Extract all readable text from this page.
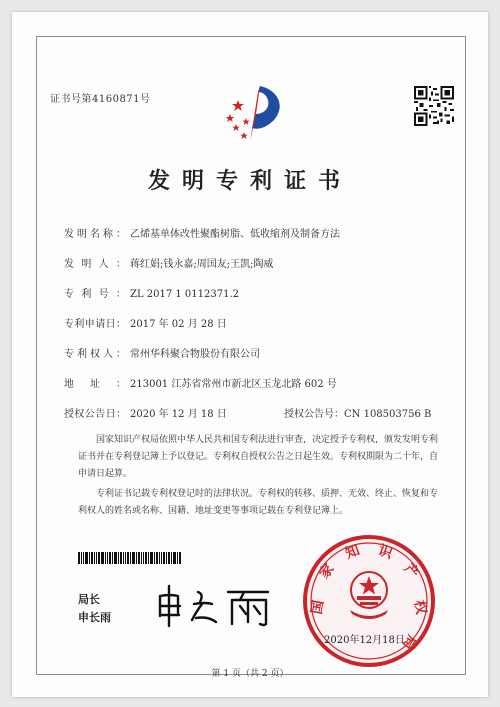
证书号第4160871号
发明专利证书
发明名称： 乙烯基单体改性聚酯树脂、低收缩剂及制备方法
发明人： 蒋红娟;钱永嘉;周国友;王凯;陶威
专利号： ZL 2017 1 0112371.2
专利申请日： 2017 年 02 月 28 日
专利权人： 常州华科聚合物股份有限公司
地址： 213001 江苏省常州市新北区玉龙北路 602 号
授权公告日： 2020 年 12 月 18 日	授权公告号：CN 108503756 B
国家知识产权局依照中华人民共和国专利法进行审查，决定授予专利权，颁发发明专利证书并在专利登记簿上予以登记。专利权自授权公告之日起生效。专利权期限为二十年，自申请日起算。
专利证书记载专利权登记时的法律状况。专利权的转移、质押、无效、终止、恢复和专利权人的姓名或名称、国籍、地址变更等事项记载在专利登记簿上。
局长
申长雨
国
家
知 识
产
权
局
2020年12月18日
第 1 页（共 2 页）
